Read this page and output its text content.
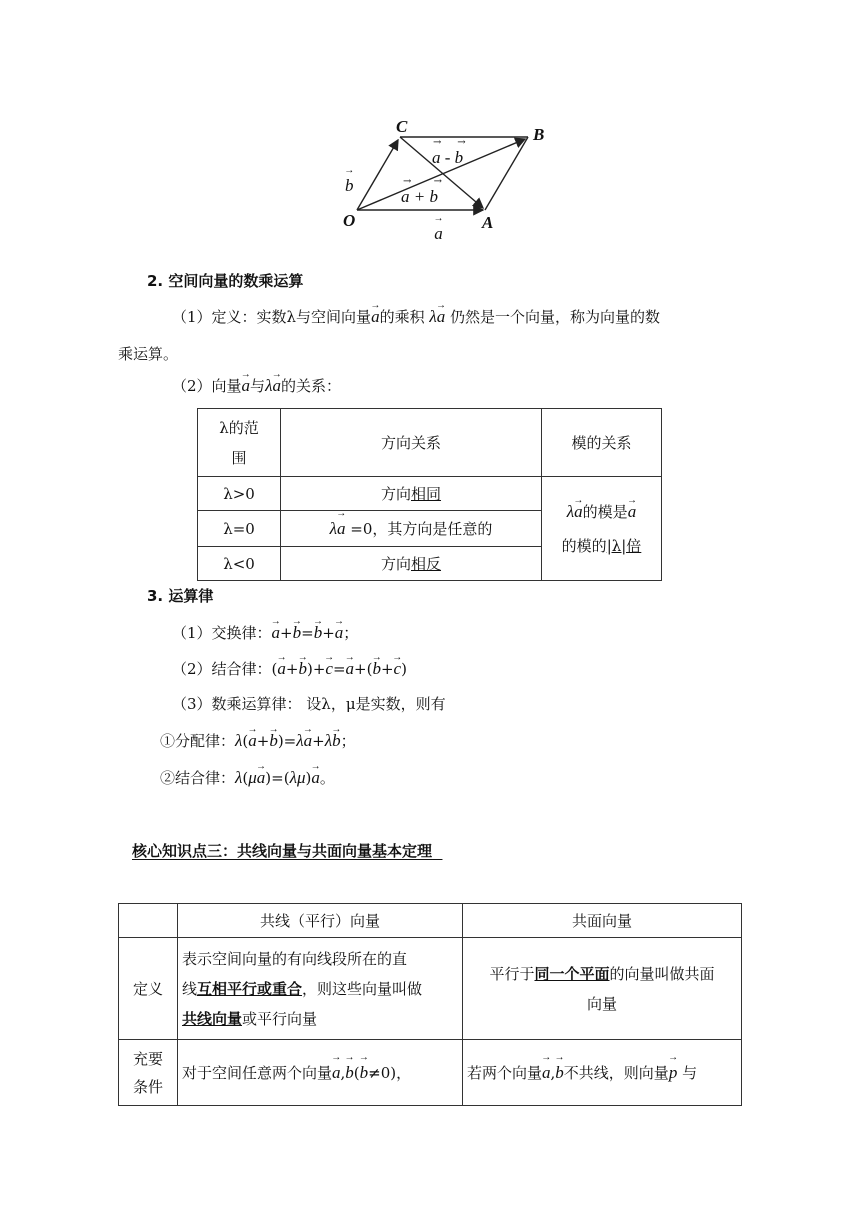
C	B
O	A
→ b → a
a - b
→     →
a + b
→       →
2. 空间向量的数乘运算
（1）定义：实数λ与空间向量→ a的乘积 λ→ a 仍然是一个向量，称为向量的数
乘运算。
（2）向量→ a与λ→ a的关系：
λ的范
围	方向关系	模的关系
λ>0	方向相同	λ→ a的模是→ a
的模的|λ|倍
λ=0	λ→ a =0，其方向是任意的
λ<0	方向相反	
3. 运算律
（1）交换律：→ a+→ b=→ b+→ a；
（2）结合律：(→ a+→ b)+→ c=→ a+(→ b+→ c)
（3）数乘运算律： 设λ，μ是实数，则有
①分配律：λ(→ a+→ b)=λ→ a+λ→ b；
②结合律：λ(μ→ a)=(λμ)→ a。
核心知识点三：共线向量与共面向量基本定理
	共线（平行）向量	共面向量
定义	表示空间向量的有向线段所在的直
线互相平行或重合，则这些向量叫做
共线向量或平行向量	平行于同一个平面的向量叫做共面
向量
充要
条件	对于空间任意两个向量→ a,→ b(→ b≠0)，	若两个向量→ a,→ b不共线，则向量→ p 与
